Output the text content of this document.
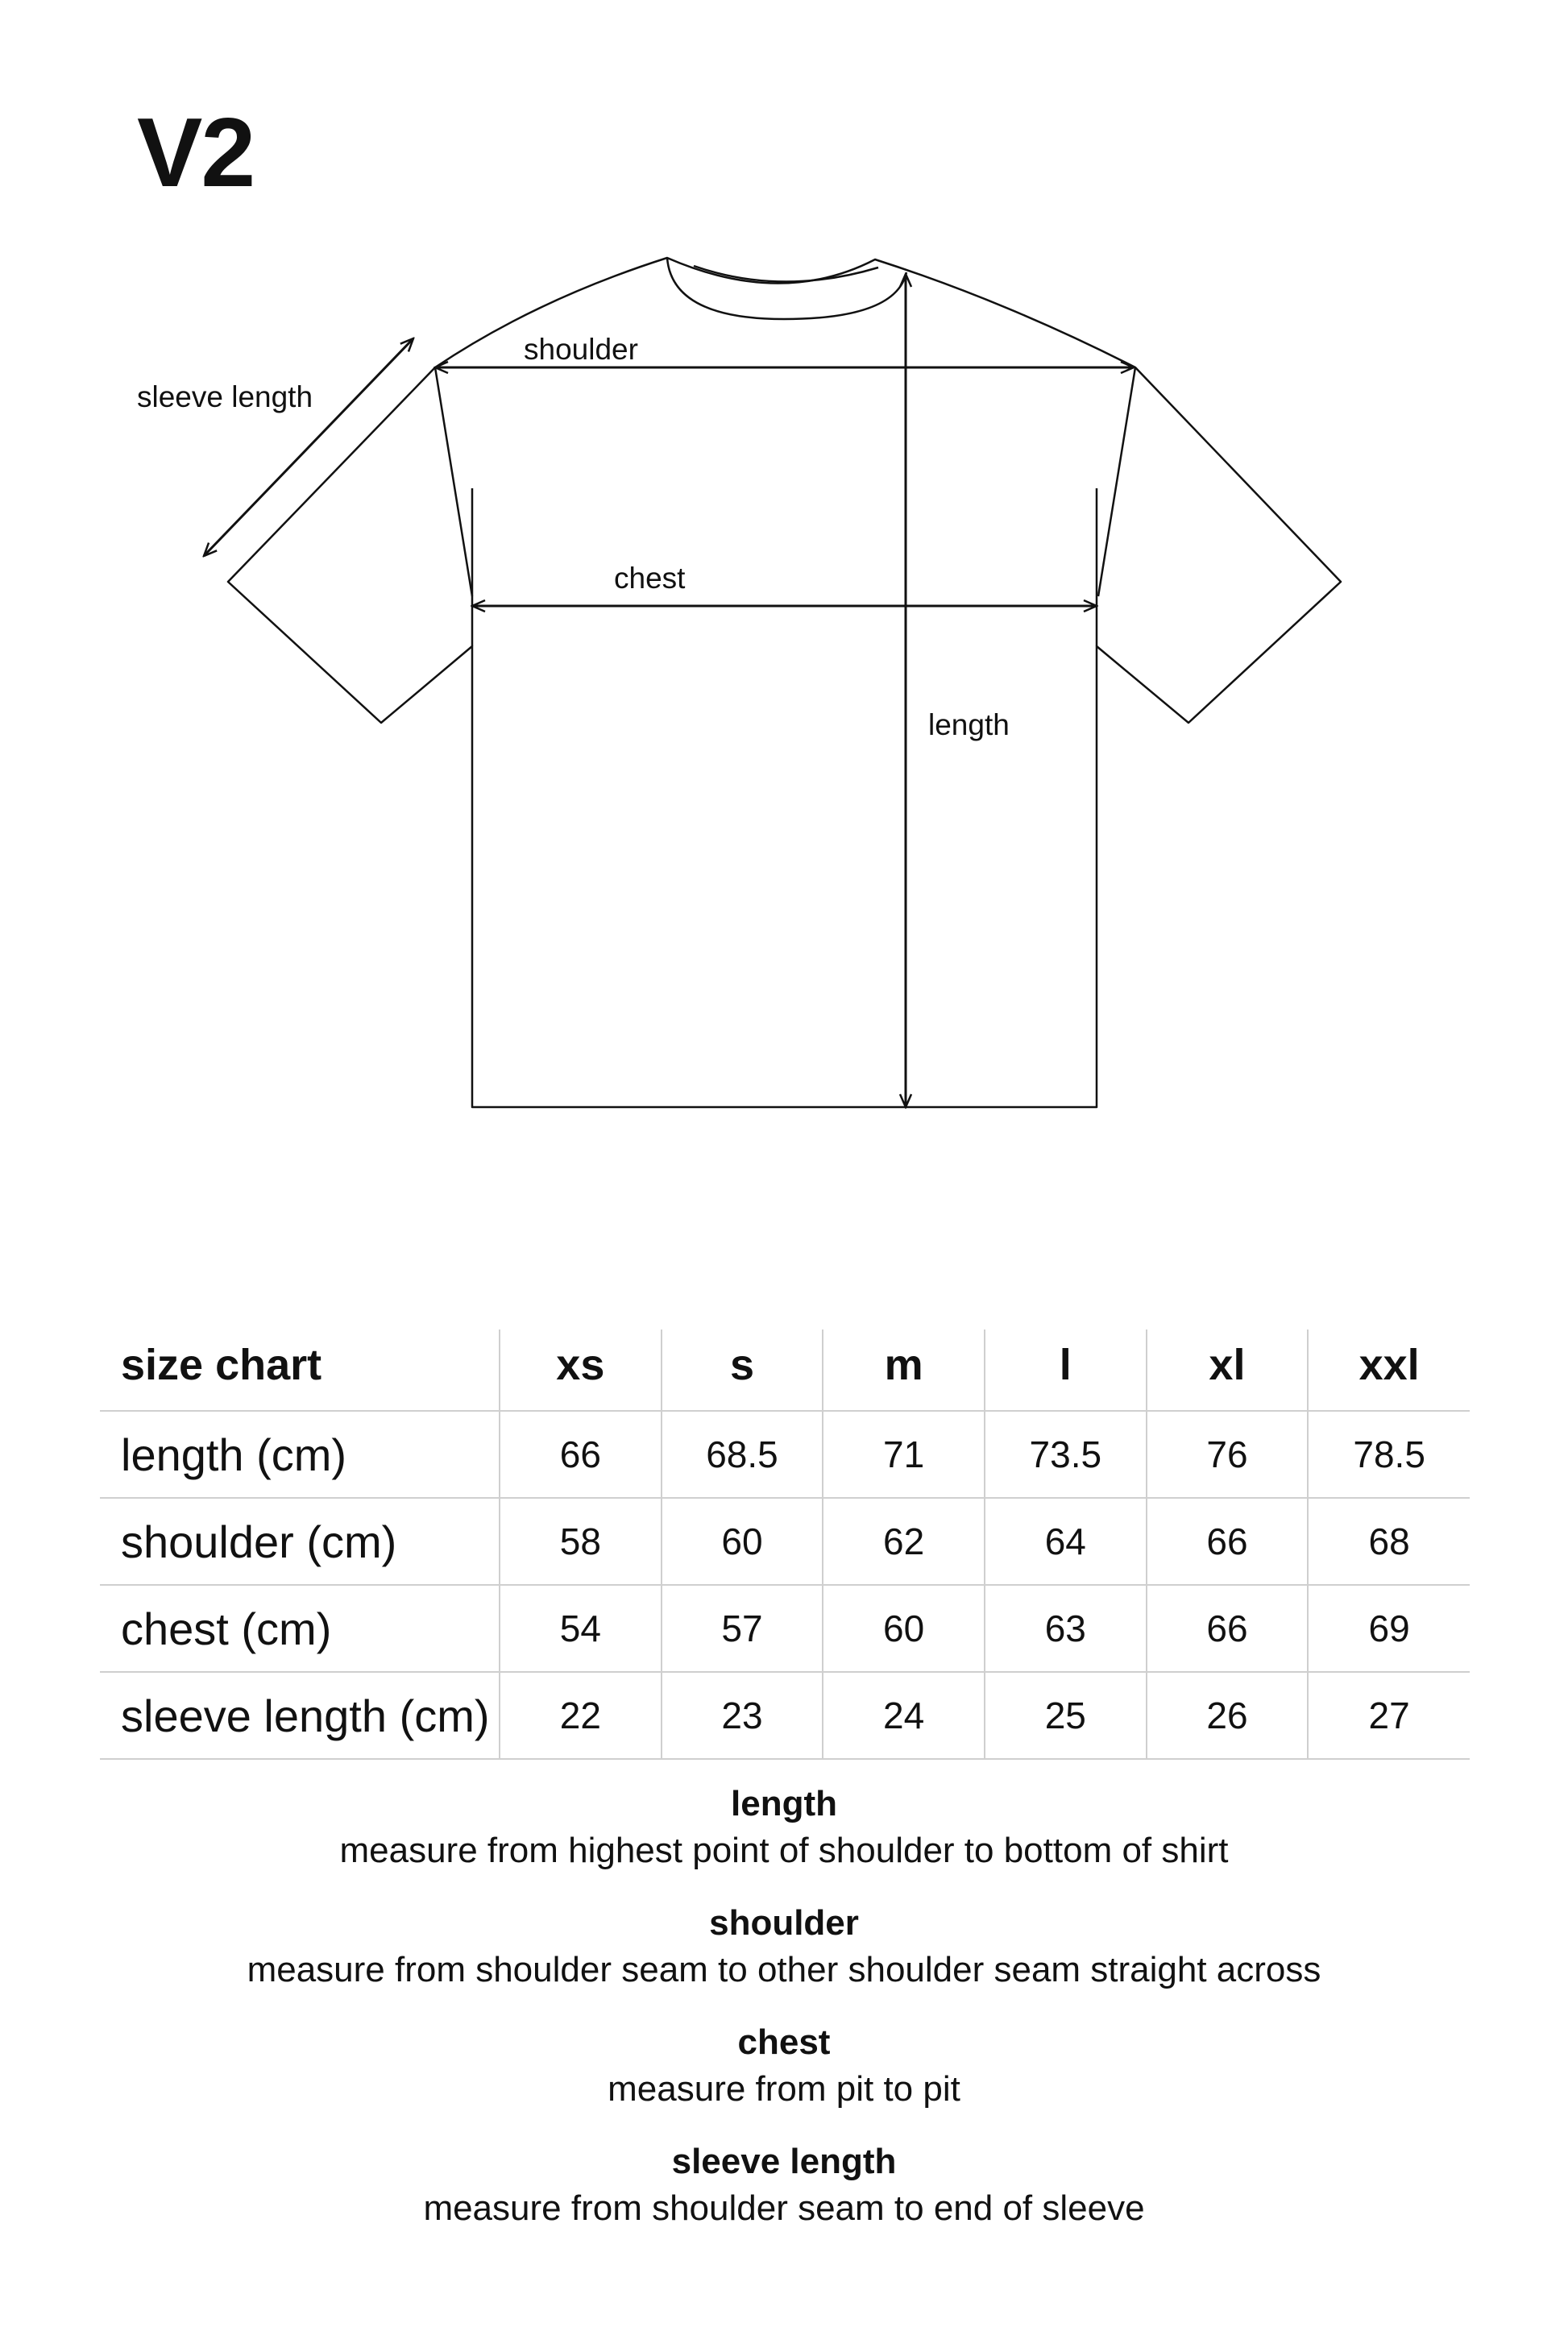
V2
shoulder
sleeve length
chest
length
size chart	xs	s	m	l	xl	xxl
length (cm)	66	68.5	71	73.5	76	78.5
shoulder (cm)	58	60	62	64	66	68
chest (cm)	54	57	60	63	66	69
sleeve length (cm)	22	23	24	25	26	27
length
measure from highest point of shoulder to bottom of shirt
shoulder
measure from shoulder seam to other shoulder seam straight across
chest
measure from pit to pit
sleeve length
measure from shoulder seam to end of sleeve
